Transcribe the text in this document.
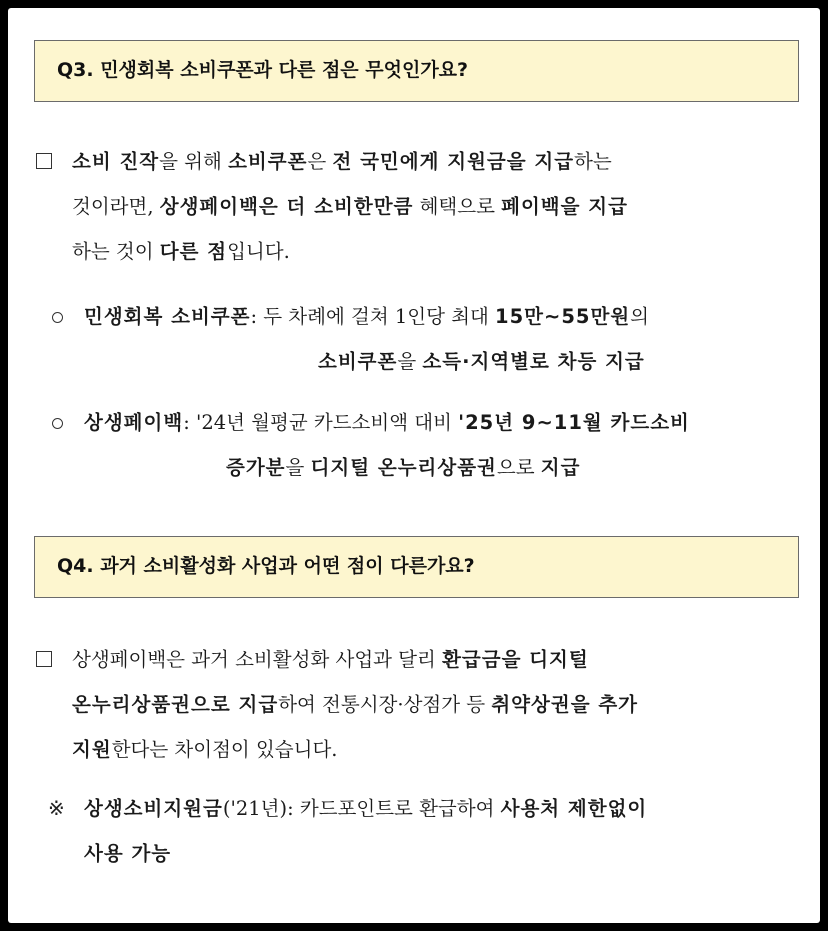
Q3. 민생회복 소비쿠폰과 다른 점은 무엇인가요?
소비 진작을 위해 소비쿠폰은 전 국민에게 지원금을 지급하는
것이라면, 상생페이백은 더 소비한만큼 혜택으로 페이백을 지급
하는 것이 다른 점입니다.
민생회복 소비쿠폰: 두 차례에 걸쳐 1인당 최대 15만~55만원의
소비쿠폰을 소득·지역별로 차등 지급
상생페이백: '24년 월평균 카드소비액 대비 '25년 9~11월 카드소비
증가분을 디지털 온누리상품권으로 지급
Q4. 과거 소비활성화 사업과 어떤 점이 다른가요?
상생페이백은 과거 소비활성화 사업과 달리 환급금을 디지털
온누리상품권으로 지급하여 전통시장·상점가 등 취약상권을 추가
지원한다는 차이점이 있습니다.
※ 상생소비지원금('21년): 카드포인트로 환급하여 사용처 제한없이
사용 가능
